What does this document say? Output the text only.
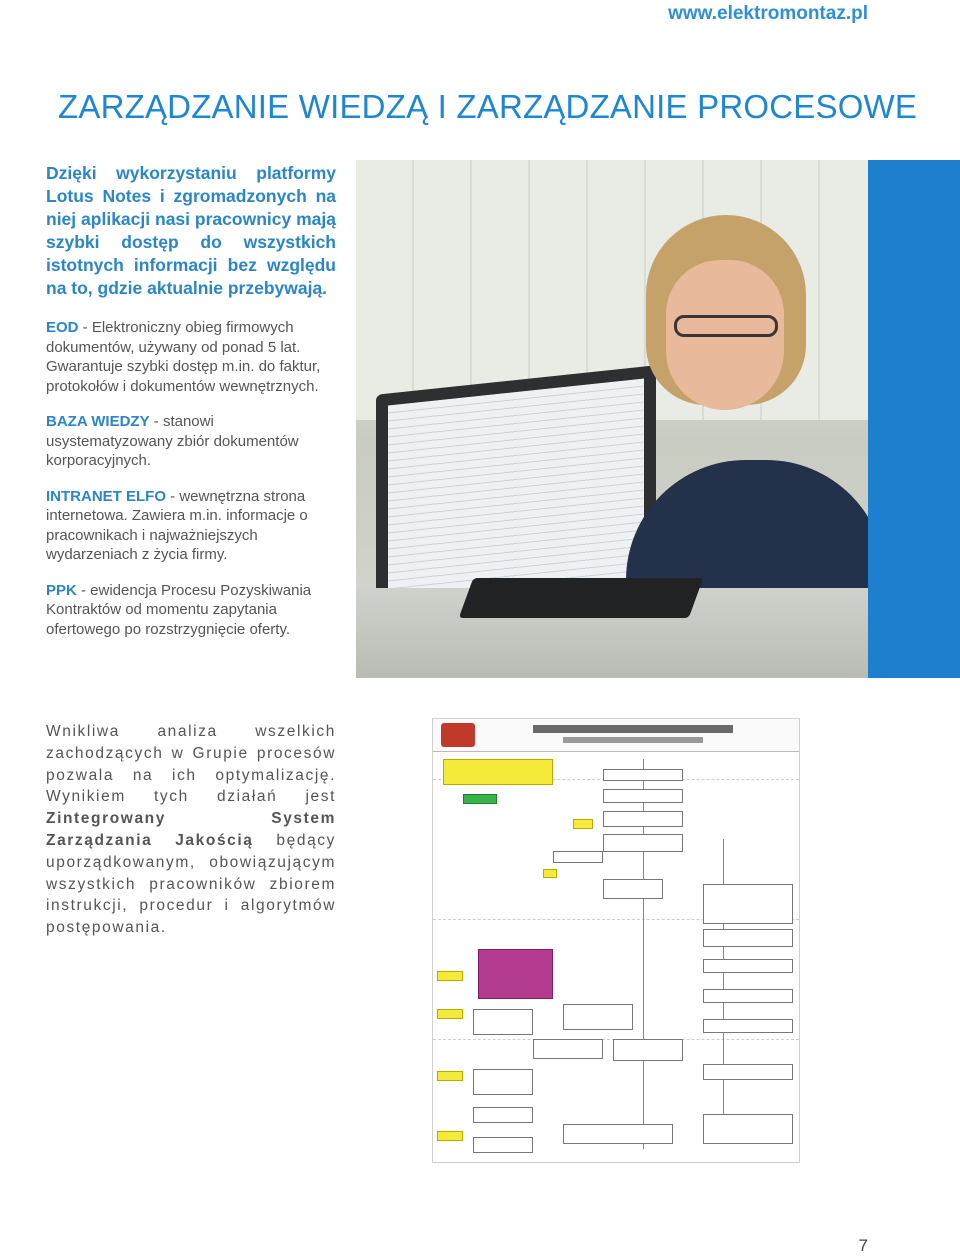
www.elektromontaz.pl
ZARZĄDZANIE WIEDZĄ I ZARZĄDZANIE PROCESOWE

Dzięki wykorzystaniu platformy Lotus Notes i zgromadzonych na niej aplikacji nasi pracownicy mają szybki dostęp do wszystkich istotnych informacji bez względu na to, gdzie aktualnie przebywają.

EOD - Elektroniczny obieg firmowych dokumentów, używany od ponad 5 lat. Gwarantuje szybki dostęp m.in. do faktur, protokołów i dokumentów wewnętrznych.

BAZA WIEDZY - stanowi usystematyzowany zbiór dokumentów korporacyjnych.

INTRANET ELFO - wewnętrzna strona internetowa. Zawiera m.in. informacje o pracownikach i najważniejszych wydarzeniach z życia firmy.

PPK - ewidencja Procesu Pozyskiwania Kontraktów od momentu zapytania ofertowego po rozstrzygnięcie oferty.

Wnikliwa analiza wszelkich zachodzących w Grupie procesów pozwala na ich optymalizację. Wynikiem tych działań jest Zintegrowany System Zarządzania Jakością będący uporządkowanym, obowiązującym wszystkich pracowników zbiorem instrukcji, procedur i algorytmów postępowania.

7
